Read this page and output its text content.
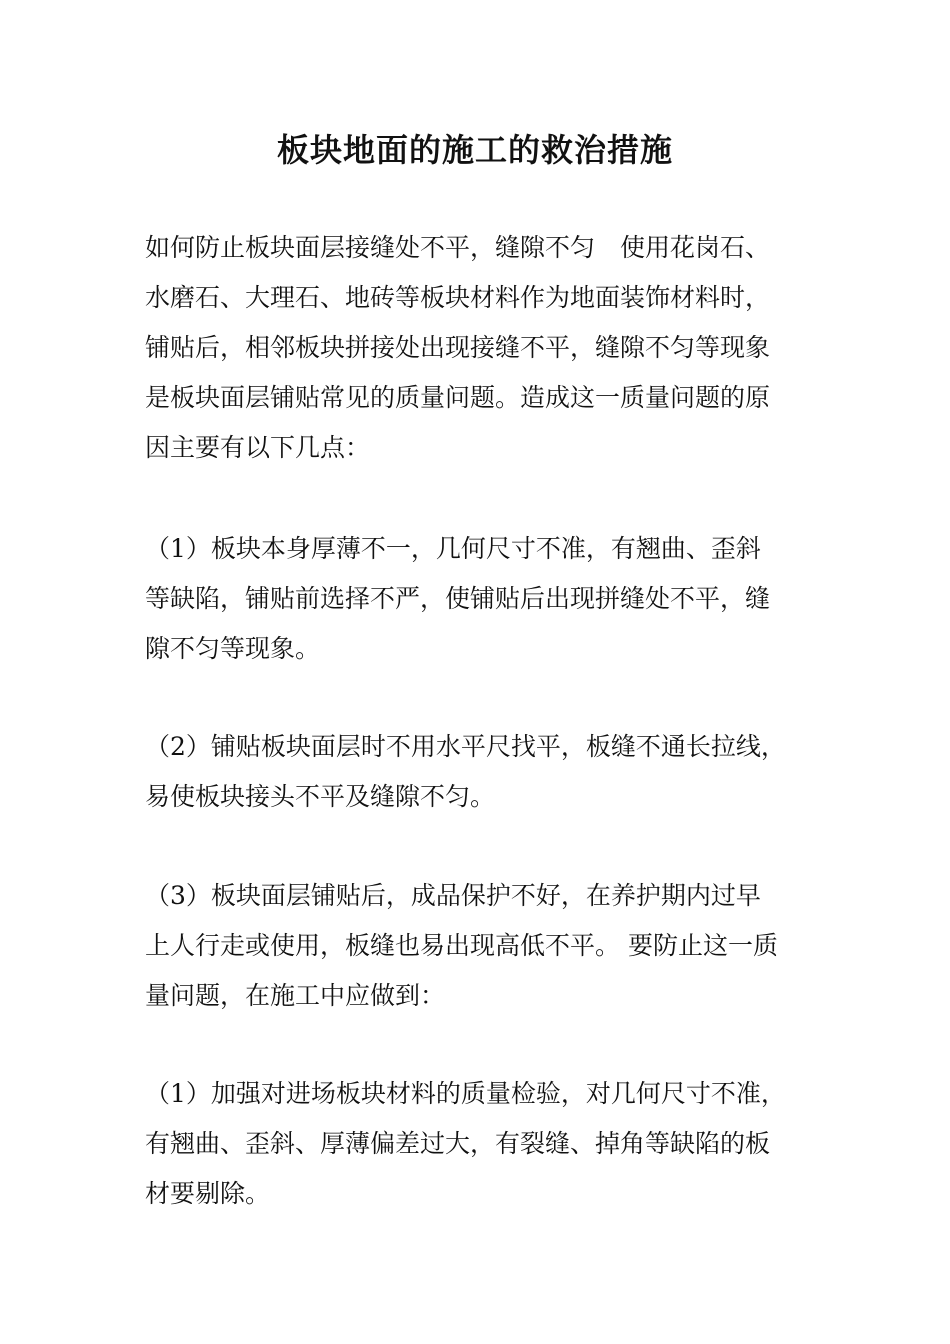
板块地面的施工的救治措施
如何防止板块面层接缝处不平，缝隙不匀　使用花岗石、
水磨石、大理石、地砖等板块材料作为地面装饰材料时，
铺贴后，相邻板块拼接处出现接缝不平，缝隙不匀等现象
是板块面层铺贴常见的质量问题。造成这一质量问题的原
因主要有以下几点：
（1）板块本身厚薄不一，几何尺寸不准，有翘曲、歪斜
等缺陷，铺贴前选择不严，使铺贴后出现拼缝处不平，缝
隙不匀等现象。
（2）铺贴板块面层时不用水平尺找平，板缝不通长拉线，
易使板块接头不平及缝隙不匀。
（3）板块面层铺贴后，成品保护不好，在养护期内过早
上人行走或使用，板缝也易出现高低不平。 要防止这一质
量问题，在施工中应做到：
（1）加强对进场板块材料的质量检验，对几何尺寸不准，
有翘曲、歪斜、厚薄偏差过大，有裂缝、掉角等缺陷的板
材要剔除。
